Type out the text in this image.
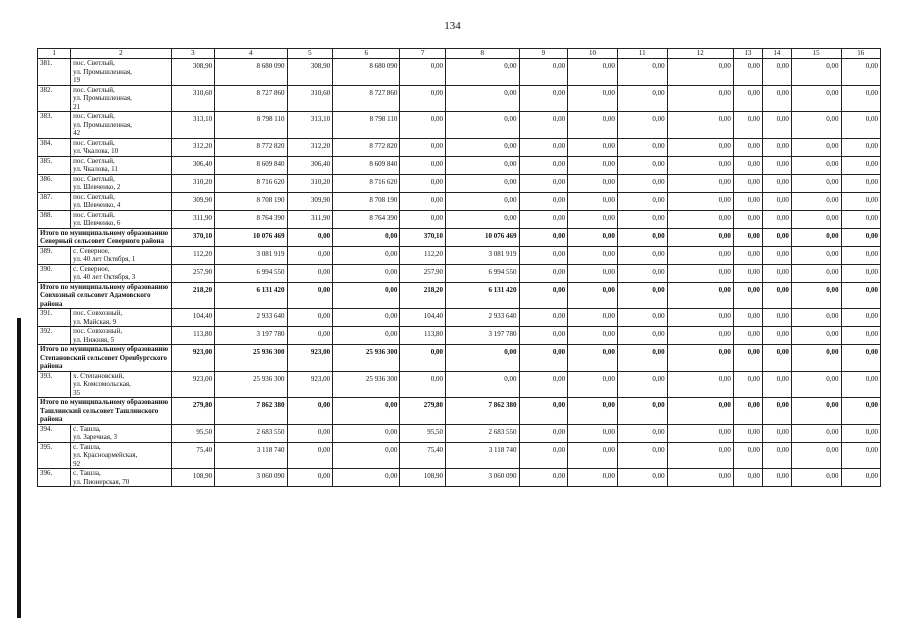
134
1	2	3	4	5	6	7	8	9	10	11	12	13	14	15	16
381.	пос. Светлый,
ул. Промышленная,
19	308,90	8 680 090	308,90	8 680 090	0,00	0,00	0,00	0,00	0,00	0,00	0,00	0,00	0,00	0,00
382.	пос. Светлый,
ул. Промышленная,
21	310,60	8 727 860	310,60	8 727 860	0,00	0,00	0,00	0,00	0,00	0,00	0,00	0,00	0,00	0,00
383.	пос. Светлый,
ул. Промышленная,
42	313,10	8 798 110	313,10	8 798 110	0,00	0,00	0,00	0,00	0,00	0,00	0,00	0,00	0,00	0,00
384.	пос. Светлый,
ул. Чкалова, 10	312,20	8 772 820	312,20	8 772 820	0,00	0,00	0,00	0,00	0,00	0,00	0,00	0,00	0,00	0,00
385.	пос. Светлый,
ул. Чкалова, 11	306,40	8 609 840	306,40	8 609 840	0,00	0,00	0,00	0,00	0,00	0,00	0,00	0,00	0,00	0,00
386.	пос. Светлый,
ул. Шевченко, 2	310,20	8 716 620	310,20	8 716 620	0,00	0,00	0,00	0,00	0,00	0,00	0,00	0,00	0,00	0,00
387.	пос. Светлый,
ул. Шевченко, 4	309,90	8 708 190	309,90	8 708 190	0,00	0,00	0,00	0,00	0,00	0,00	0,00	0,00	0,00	0,00
388.	пос. Светлый,
ул. Шевченко, 6	311,90	8 764 390	311,90	8 764 390	0,00	0,00	0,00	0,00	0,00	0,00	0,00	0,00	0,00	0,00
Итого по муниципальному образованию Северный сельсовет Северного района		370,10	10 076 469	0,00	0,00	370,10	10 076 469	0,00	0,00	0,00	0,00	0,00	0,00	0,00	0,00
389.	с. Северное,
ул. 40 лет Октября, 1	112,20	3 081 919	0,00	0,00	112,20	3 081 919	0,00	0,00	0,00	0,00	0,00	0,00	0,00	0,00
390.	с. Северное,
ул. 40 лет Октября, 3	257,90	6 994 550	0,00	0,00	257,90	6 994 550	0,00	0,00	0,00	0,00	0,00	0,00	0,00	0,00
Итого по муниципальному образованию Совхозный сельсовет Адамовского района		218,20	6 131 420	0,00	0,00	218,20	6 131 420	0,00	0,00	0,00	0,00	0,00	0,00	0,00	0,00
391.	пос. Совхозный,
ул. Майская, 9	104,40	2 933 640	0,00	0,00	104,40	2 933 640	0,00	0,00	0,00	0,00	0,00	0,00	0,00	0,00
392.	пос. Совхозный,
ул. Нижняя, 5	113,80	3 197 780	0,00	0,00	113,80	3 197 780	0,00	0,00	0,00	0,00	0,00	0,00	0,00	0,00
Итого по муниципальному образованию Степановский сельсовет Оренбургского района		923,00	25 936 300	923,00	25 936 300	0,00	0,00	0,00	0,00	0,00	0,00	0,00	0,00	0,00	0,00
393.	х. Степановский,
ул. Комсомольская,
35	923,00	25 936 300	923,00	25 936 300	0,00	0,00	0,00	0,00	0,00	0,00	0,00	0,00	0,00	0,00
Итого по муниципальному образованию Ташлинский сельсовет Ташлинского района		279,80	7 862 380	0,00	0,00	279,80	7 862 380	0,00	0,00	0,00	0,00	0,00	0,00	0,00	0,00
394.	с. Ташла,
ул. Заречная, 3	95,50	2 683 550	0,00	0,00	95,50	2 683 550	0,00	0,00	0,00	0,00	0,00	0,00	0,00	0,00
395.	с. Ташла,
ул. Красноармейская,
92	75,40	3 118 740	0,00	0,00	75,40	3 118 740	0,00	0,00	0,00	0,00	0,00	0,00	0,00	0,00
396.	с. Ташла,
ул. Пионерская, 70	108,90	3 060 090	0,00	0,00	108,90	3 060 090	0,00	0,00	0,00	0,00	0,00	0,00	0,00	0,00
